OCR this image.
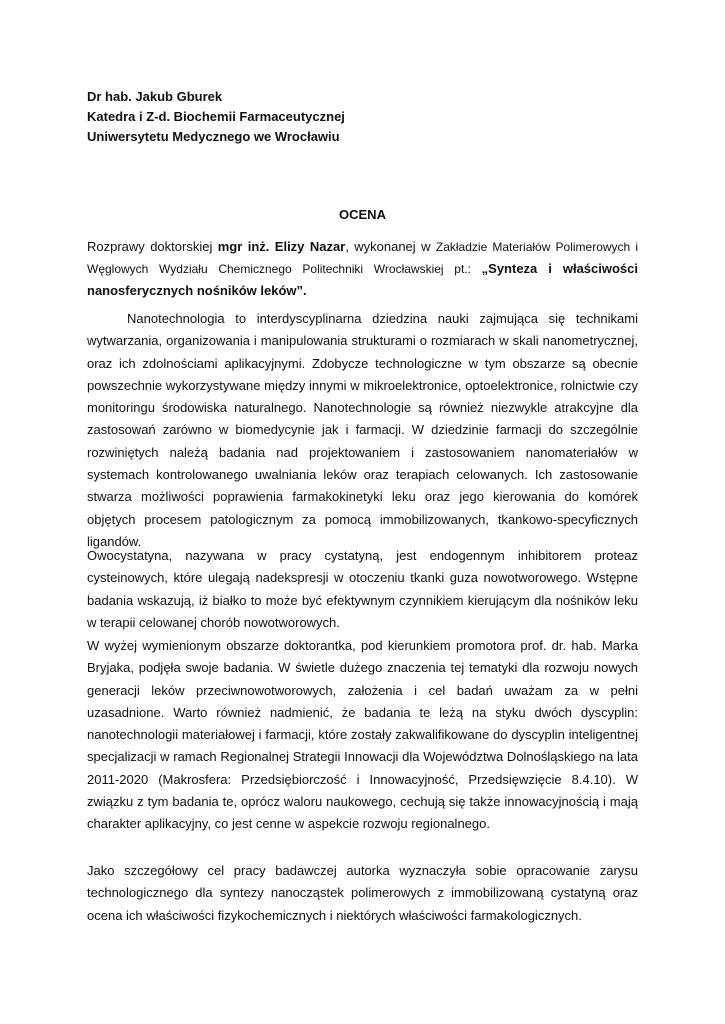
Dr hab. Jakub Gburek
Katedra i Z-d. Biochemii Farmaceutycznej
Uniwersytetu Medycznego we Wrocławiu
OCENA

Rozprawy doktorskiej mgr inż. Elizy Nazar, wykonanej w Zakładzie Materiałów Polimerowych i Węglowych Wydziału Chemicznego Politechniki Wrocławskiej pt.: „Synteza i właściwości nanosferycznych nośników leków”.

Nanotechnologia to interdyscyplinarna dziedzina nauki zajmująca się technikami wytwarzania, organizowania i manipulowania strukturami o rozmiarach w skali nanometrycznej, oraz ich zdolnościami aplikacyjnymi. Zdobycze technologiczne w tym obszarze są obecnie powszechnie wykorzystywane między innymi w mikroelektronice, optoelektronice, rolnictwie czy monitoringu środowiska naturalnego. Nanotechnologie są również niezwykle atrakcyjne dla zastosowań zarówno w biomedycynie jak i farmacji. W dziedzinie farmacji do szczególnie rozwiniętych należą badania nad projektowaniem i zastosowaniem nanomateriałów w systemach kontrolowanego uwalniania leków oraz terapiach celowanych. Ich zastosowanie stwarza możliwości poprawienia farmakokinetyki leku oraz jego kierowania do komórek objętych procesem patologicznym za pomocą immobilizowanych, tkankowo-specyficznych ligandów.

Owocystatyna, nazywana w pracy cystatyną, jest endogennym inhibitorem proteaz cysteinowych, które ulegają nadekspresji w otoczeniu tkanki guza nowotworowego. Wstępne badania wskazują, iż białko to może być efektywnym czynnikiem kierującym dla nośników leku w terapii celowanej chorób nowotworowych.

W wyżej wymienionym obszarze doktorantka, pod kierunkiem promotora prof. dr. hab. Marka Bryjaka, podjęła swoje badania. W świetle dużego znaczenia tej tematyki dla rozwoju nowych generacji leków przeciwnowotworowych, założenia i cel badań uważam za w pełni uzasadnione. Warto również nadmienić, że badania te leżą na styku dwóch dyscyplin: nanotechnologii materiałowej i farmacji, które zostały zakwalifikowane do dyscyplin inteligentnej specjalizacji w ramach Regionalnej Strategii Innowacji dla Województwa Dolnośląskiego na lata 2011-2020 (Makrosfera: Przedsiębiorczość i Innowacyjność, Przedsięwzięcie 8.4.10). W związku z tym badania te, oprócz waloru naukowego, cechują się także innowacyjnością i mają charakter aplikacyjny, co jest cenne w aspekcie rozwoju regionalnego.

Jako szczegółowy cel pracy badawczej autorka wyznaczyła sobie opracowanie zarysu technologicznego dla syntezy nanocząstek polimerowych z immobilizowaną cystatyną oraz ocena ich właściwości fizykochemicznych i niektórych właściwości farmakologicznych.
